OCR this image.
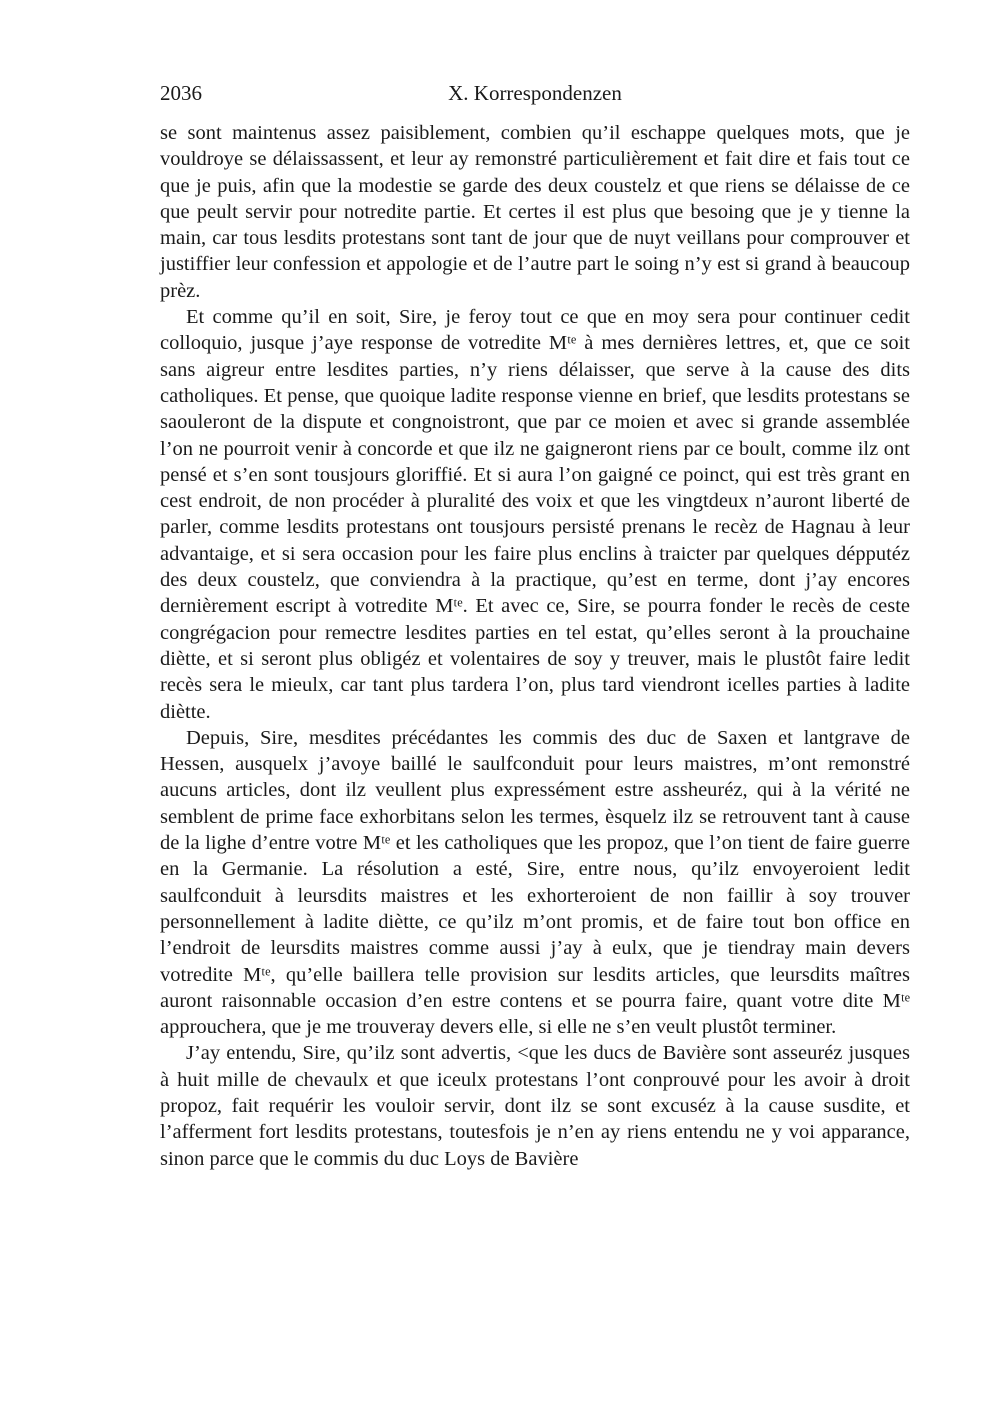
2036	X. Korrespondenzen

se sont maintenus assez paisiblement, combien qu’il eschappe quelques mots, que je vouldroye se délaissassent, et leur ay remonstré particulièrement et fait dire et fais tout ce que je puis, afin que la modestie se garde des deux coustelz et que riens se délaisse de ce que peult servir pour notredite partie. Et certes il est plus que besoing que je y tienne la main, car tous lesdits protestans sont tant de jour que de nuyt veillans pour comprouver et justiffier leur confession et appologie et de l’autre part le soing n’y est si grand à beaucoup prèz.

Et comme qu’il en soit, Sire, je feroy tout ce que en moy sera pour continuer cedit colloquio, jusque j’aye response de votredite Mᵗᵉ à mes dernières lettres, et, que ce soit sans aigreur entre lesdites parties, n’y riens délaisser, que serve à la cause des dits catholiques. Et pense, que quoique ladite response vienne en brief, que lesdits protestans se saouleront de la dispute et congnoistront, que par ce moien et avec si grande assemblée l’on ne pourroit venir à concorde et que ilz ne gaigneront riens par ce boult, comme ilz ont pensé et s’en sont tousjours gloriffié. Et si aura l’on gaigné ce poinct, qui est très grant en cest endroit, de non procéder à pluralité des voix et que les vingtdeux n’auront liberté de parler, comme lesdits protestans ont tousjours persisté prenans le recèz de Hagnau à leur advantaige, et si sera occasion pour les faire plus enclins à traicter par quelques dépputéz des deux coustelz, que conviendra à la practique, qu’est en terme, dont j’ay encores dernièrement escript à votredite Mᵗᵉ. Et avec ce, Sire, se pourra fonder le recès de ceste congrégacion pour remectre lesdites parties en tel estat, qu’elles seront à la prouchaine diètte, et si seront plus obligéz et volentaires de soy y treuver, mais le plustôt faire ledit recès sera le mieulx, car tant plus tardera l’on, plus tard viendront icelles parties à ladite diètte.

Depuis, Sire, mesdites précédantes les commis des duc de Saxen et lantgrave de Hessen, ausquelx j’avoye baillé le saulfconduit pour leurs maistres, m’ont remonstré aucuns articles, dont ilz veullent plus expressément estre assheuréz, qui à la vérité ne semblent de prime face exhorbitans selon les termes, èsquelz ilz se retrouvent tant à cause de la lighe d’entre votre Mᵗᵉ et les catholiques que les propoz, que l’on tient de faire guerre en la Germanie. La résolution a esté, Sire, entre nous, qu’ilz envoyeroient ledit saulfconduit à leursdits maistres et les exhorteroient de non faillir à soy trouver personnellement à ladite diètte, ce qu’ilz m’ont promis, et de faire tout bon office en l’endroit de leursdits maistres comme aussi j’ay à eulx, que je tiendray main devers votredite Mᵗᵉ, qu’elle baillera telle provision sur lesdits articles, que leursdits maîtres auront raisonnable occasion d’en estre contens et se pourra faire, quant votre dite Mᵗᵉ approuchera, que je me trouveray devers elle, si elle ne s’en veult plustôt terminer.

J’ay entendu, Sire, qu’ilz sont advertis, <que les ducs de Bavière sont asseuréz jusques à huit mille de chevaulx et que iceulx protestans l’ont conprouvé pour les avoir à droit propoz, fait requérir les vouloir servir, dont ilz se sont excuséz à la cause susdite, et l’afferment fort lesdits protestans, toutesfois je n’en ay riens entendu ne y voi apparance, sinon parce que le commis du duc Loys de Bavière
